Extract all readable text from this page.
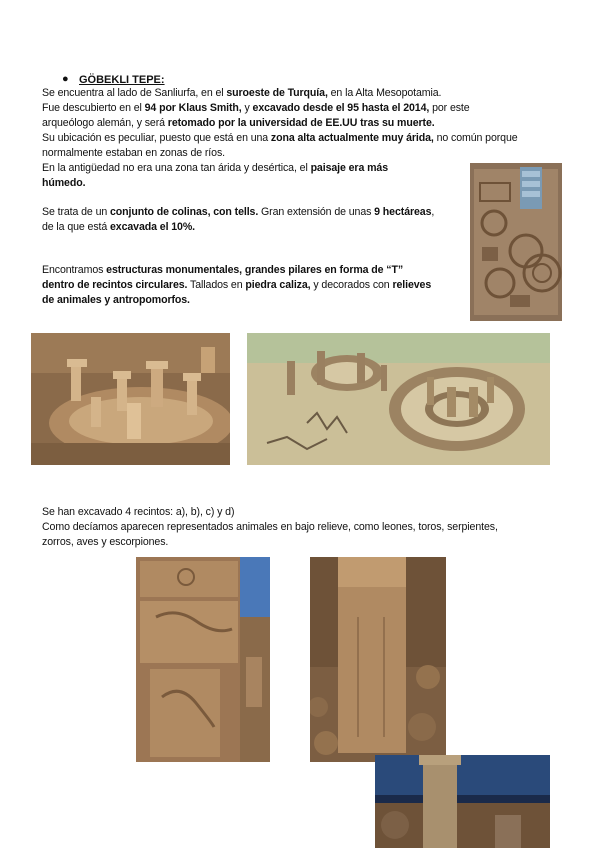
● GÖBEKLI TEPE:
Se encuentra al lado de Sanliurfa, en el suroeste de Turquía, en la Alta Mesopotamia.
Fue descubierto en el 94 por Klaus Smith, y excavado desde el 95 hasta el 2014, por este
arqueólogo alemán, y será retomado por la universidad de EE.UU tras su muerte.
Su ubicación es peculiar, puesto que está en una zona alta actualmente muy árida, no común porque
normalmente estaban en zonas de ríos.
En la antigüedad no era una zona tan árida y desértica, el paisaje era más
húmedo.
Se trata de un conjunto de colinas, con tells. Gran extensión de unas 9 hectáreas,
de la que está excavada el 10%.
Encontramos estructuras monumentales, grandes pilares en forma de “T”
dentro de recintos circulares. Tallados en piedra caliza, y decorados con relieves
de animales y antropomorfos.
Se han excavado 4 recintos: a), b), c) y d)
Como decíamos aparecen representados animales en bajo relieve, como leones, toros, serpientes,
zorros, aves y escorpiones.
